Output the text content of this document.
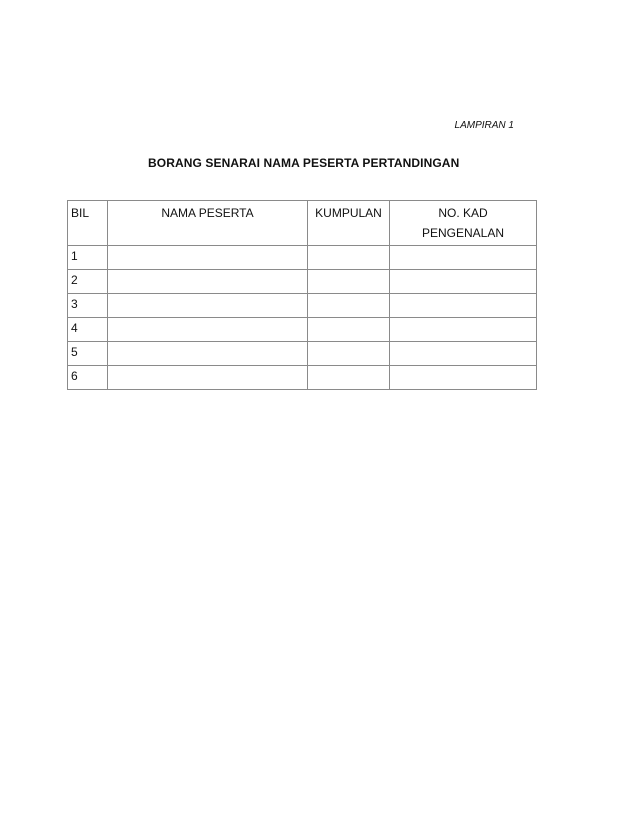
LAMPIRAN 1
BORANG SENARAI NAMA PESERTA PERTANDINGAN
BIL	NAMA PESERTA	KUMPULAN	NO. KAD
PENGENALAN

1			
2			
3			
4			
5			
6			
